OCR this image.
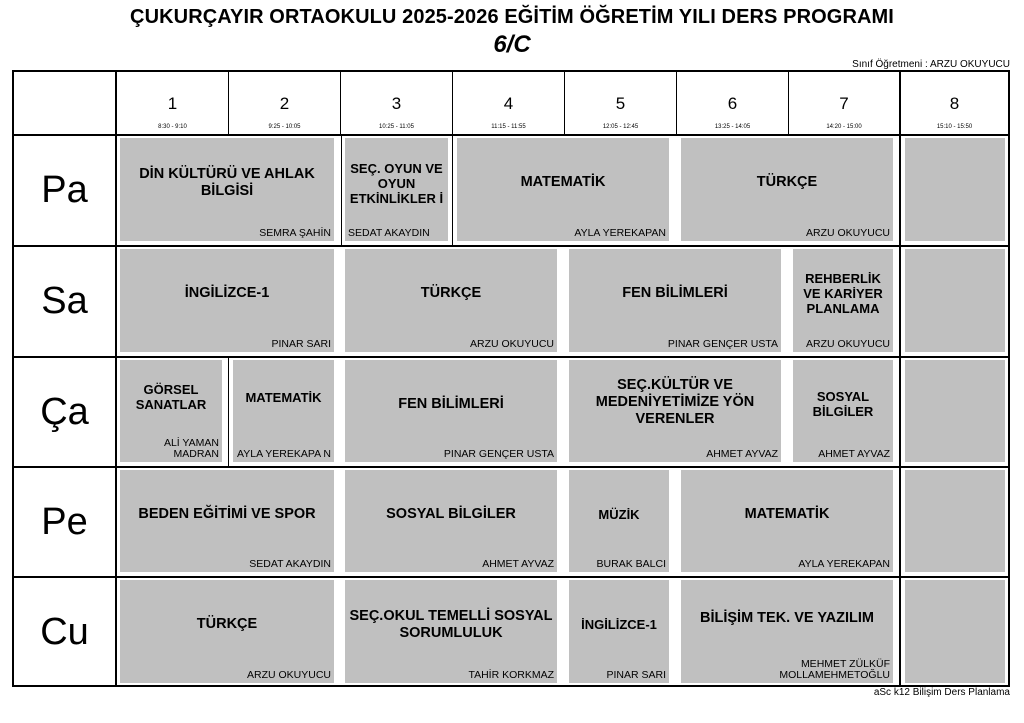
ÇUKURÇAYIR ORTAOKULU 2025-2026 EĞİTİM ÖĞRETİM YILI DERS PROGRAMI
6/C
Sınıf Öğretmeni : ARZU OKUYUCU
1
8:30 - 9:10
2
9:25 - 10:05
3
10:25 - 11:05
4
11:15 - 11:55
5
12:05 - 12:45
6
13:25 - 14:05
7
14:20 - 15:00
8
15:10 - 15:50
Pa
Sa
Ça
Pe
Cu
DİN KÜLTÜRÜ VE AHLAK BİLGİSİ
SEMRA ŞAHİN
SEÇ. OYUN VE OYUN ETKİNLİKLER İ
SEDAT AKAYDIN
MATEMATİK
AYLA YEREKAPAN
TÜRKÇE
ARZU OKUYUCU
İNGİLİZCE-1
PINAR SARI
TÜRKÇE
ARZU OKUYUCU
FEN BİLİMLERİ
PINAR GENÇER USTA
REHBERLİK VE KARİYER PLANLAMA
ARZU OKUYUCU
GÖRSEL SANATLAR
ALİ YAMAN MADRAN
MATEMATİK
AYLA YEREKAPA N
FEN BİLİMLERİ
PINAR GENÇER USTA
SEÇ.KÜLTÜR VE MEDENİYETİMİZE YÖN VERENLER
AHMET AYVAZ
SOSYAL BİLGİLER
AHMET AYVAZ
BEDEN EĞİTİMİ VE SPOR
SEDAT AKAYDIN
SOSYAL BİLGİLER
AHMET AYVAZ
MÜZİK
BURAK BALCI
MATEMATİK
AYLA YEREKAPAN
TÜRKÇE
ARZU OKUYUCU
SEÇ.OKUL TEMELLİ SOSYAL SORUMLULUK
TAHİR KORKMAZ
İNGİLİZCE-1
PINAR SARI
BİLİŞİM TEK. VE YAZILIM
MEHMET ZÜLKÜF MOLLAMEHMETOĞLU
aSc k12 Bilişim Ders Planlama
